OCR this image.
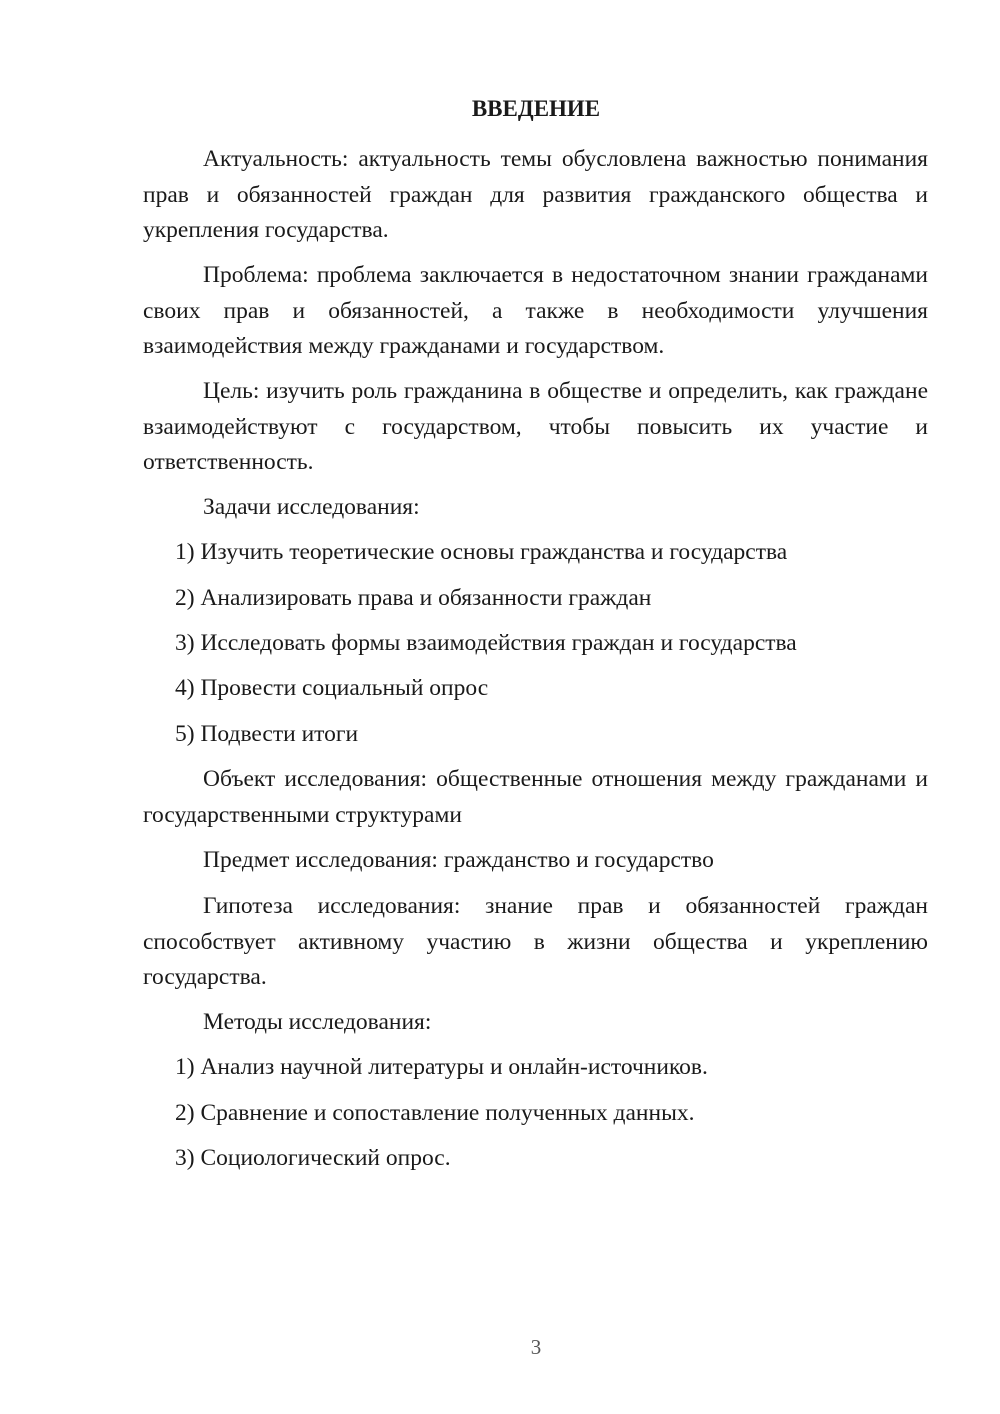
ВВЕДЕНИЕ

Актуальность: актуальность темы обусловлена важностью понимания прав и обязанностей граждан для развития гражданского общества и укрепления государства.

Проблема: проблема заключается в недостаточном знании гражданами своих прав и обязанностей, а также в необходимости улучшения взаимодействия между гражданами и государством.

Цель: изучить роль гражданина в обществе и определить, как граждане взаимодействуют с государством, чтобы повысить их участие и ответственность.

Задачи исследования:

1) Изучить теоретические основы гражданства и государства

2) Анализировать права и обязанности граждан

3) Исследовать формы взаимодействия граждан и государства

4) Провести социальный опрос

5) Подвести итоги

Объект исследования: общественные отношения между гражданами и государственными структурами

Предмет исследования: гражданство и государство

Гипотеза исследования: знание прав и обязанностей граждан способствует активному участию в жизни общества и укреплению государства.

Методы исследования:

1) Анализ научной литературы и онлайн-источников.

2) Сравнение и сопоставление полученных данных.

3) Социологический опрос.

3
